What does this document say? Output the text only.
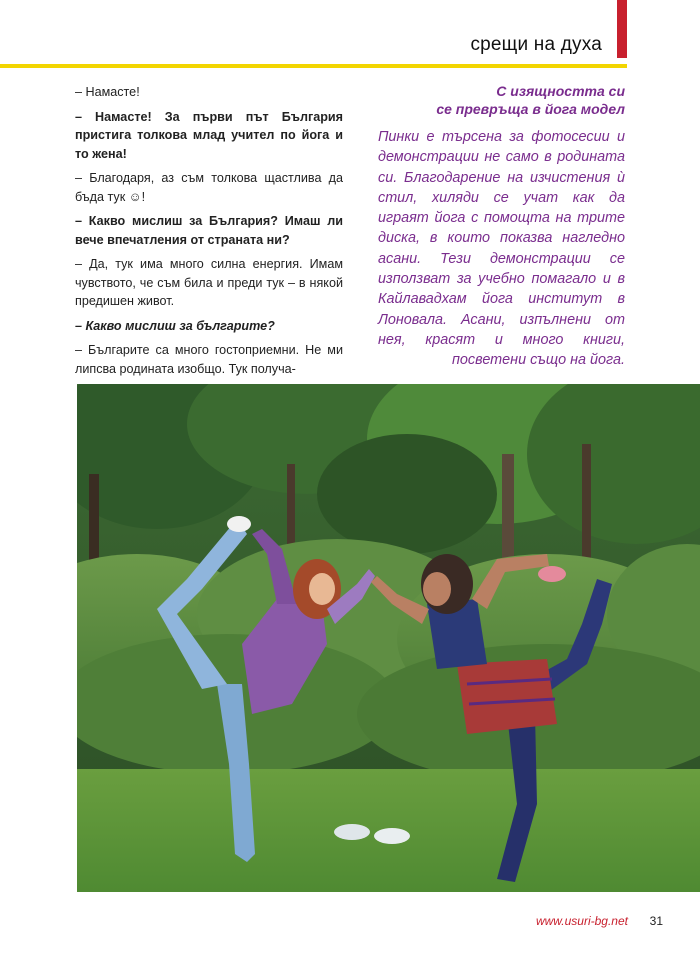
срещи на духа

– Намасте!

– Намасте! За първи път България пристига толкова млад учител по йога и то жена!

– Благодаря, аз съм толкова щастлива да бъда тук ☺!

– Какво мислиш за България? Имаш ли вече впечатления от страната ни?

– Да, тук има много силна енергия. Имам чувството, че съм била и преди тук – в някой предишен живот.

– Какво мислиш за българите?

– Българите са много гостоприемни. Не ми липсва родината изобщо. Тук получа-

С изящността си
се превръща в йога модел
Пинки е търсена за фотосесии и демонстрации не само в родината си. Благодарение на изчистения ѝ стил, хиляди се учат как да играят йога с помощта на трите диска, в които показва нагледно асани. Тези демонстрации се използват за учебно помагало и в Кайлавадхам йога институт в Лоновала. Асани, изпълнени от нея, красят и много книги, посветени също на йога.
www.usuri-bg.net 31
